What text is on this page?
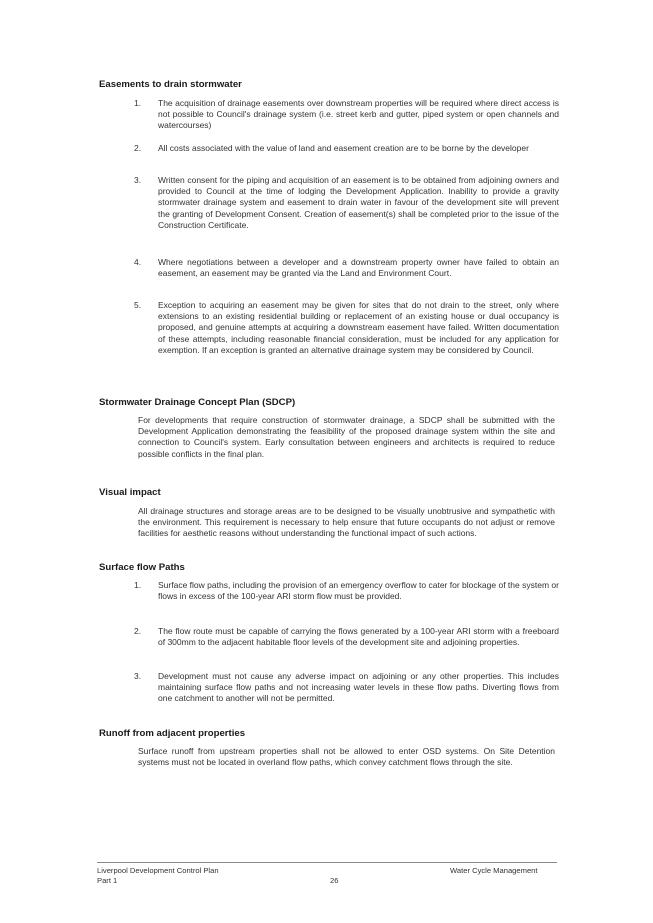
Easements to drain stormwater
1.	The acquisition of drainage easements over downstream properties will be required where direct access is not possible to Council's drainage system (i.e. street kerb and gutter, piped system or open channels and watercourses)
2.	All costs associated with the value of land and easement creation are to be borne by the developer
3.	Written consent for the piping and acquisition of an easement is to be obtained from adjoining owners and provided to Council at the time of lodging the Development Application. Inability to provide a gravity stormwater drainage system and easement to drain water in favour of the development site will prevent the granting of Development Consent. Creation of easement(s) shall be completed prior to the issue of the Construction Certificate.
4.	Where negotiations between a developer and a downstream property owner have failed to obtain an easement, an easement may be granted via the Land and Environment Court.
5.	Exception to acquiring an easement may be given for sites that do not drain to the street, only where extensions to an existing residential building or replacement of an existing house or dual occupancy is proposed, and genuine attempts at acquiring a downstream easement have failed. Written documentation of these attempts, including reasonable financial consideration, must be included for any application for exemption. If an exception is granted an alternative drainage system may be considered by Council.
Stormwater Drainage Concept Plan (SDCP)
For developments that require construction of stormwater drainage, a SDCP shall be submitted with the Development Application demonstrating the feasibility of the proposed drainage system within the site and connection to Council's system. Early consultation between engineers and architects is required to reduce possible conflicts in the final plan.
Visual impact
All drainage structures and storage areas are to be designed to be visually unobtrusive and sympathetic with the environment. This requirement is necessary to help ensure that future occupants do not adjust or remove facilities for aesthetic reasons without understanding the functional impact of such actions.
Surface flow Paths
1.	Surface flow paths, including the provision of an emergency overflow to cater for blockage of the system or flows in excess of the 100-year ARI storm flow must be provided.
2.	The flow route must be capable of carrying the flows generated by a 100-year ARI storm with a freeboard of 300mm to the adjacent habitable floor levels of the development site and adjoining properties.
3.	Development must not cause any adverse impact on adjoining or any other properties. This includes maintaining surface flow paths and not increasing water levels in these flow paths. Diverting flows from one catchment to another will not be permitted.
Runoff from adjacent properties
Surface runoff from upstream properties shall not be allowed to enter OSD systems. On Site Detention systems must not be located in overland flow paths, which convey catchment flows through the site.
Liverpool Development Control Plan
Part 1	26
Water Cycle Management
